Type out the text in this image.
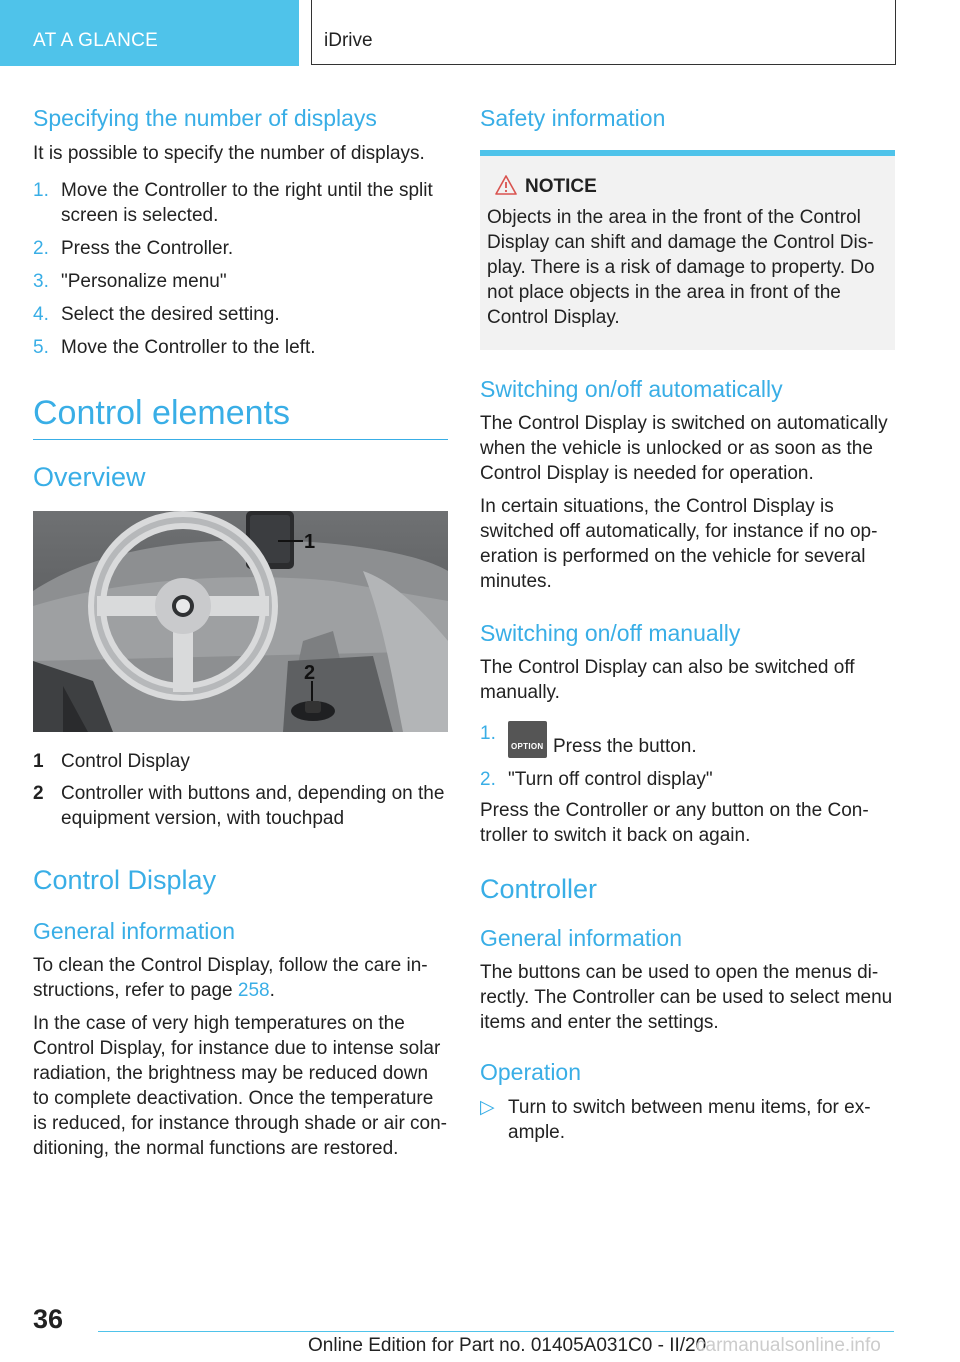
AT A GLANCE	iDrive
Specifying the number of displays

It is possible to specify the number of displays.

1. Move the Controller to the right until the split screen is selected.
2. Press the Controller.
3. "Personalize menu"
4. Select the desired setting.
5. Move the Controller to the left.
Control elements
Overview
1
2
1 Control Display
2 Controller with buttons and, depending on the equipment version, with touchpad
Control Display
General information

To clean the Control Display, follow the care in-structions, refer to page 258.

In the case of very high temperatures on the Control Display, for instance due to intense solar radiation, the brightness may be reduced down to complete deactivation. Once the temperature is reduced, for instance through shade or air con-ditioning, the normal functions are restored.

Safety information
NOTICE

Objects in the area in the front of the Control Display can shift and damage the Control Dis-play. There is a risk of damage to property. Do not place objects in the area in front of the Control Display.

Switching on/off automatically

The Control Display is switched on automatically when the vehicle is unlocked or as soon as the Control Display is needed for operation.

In certain situations, the Control Display is switched off automatically, for instance if no op-eration is performed on the vehicle for several minutes.

Switching on/off manually

The Control Display can also be switched off manually.

1.
OPTION Press the button.
2. "Turn off control display"

Press the Controller or any button on the Con-troller to switch it back on again.

Controller
General information

The buttons can be used to open the menus di-rectly. The Controller can be used to select menu items and enter the settings.

Operation
▷ Turn to switch between menu items, for ex-ample.
36
Online Edition for Part no. 01405A031C0 - II/20
carmanualsonline.info
